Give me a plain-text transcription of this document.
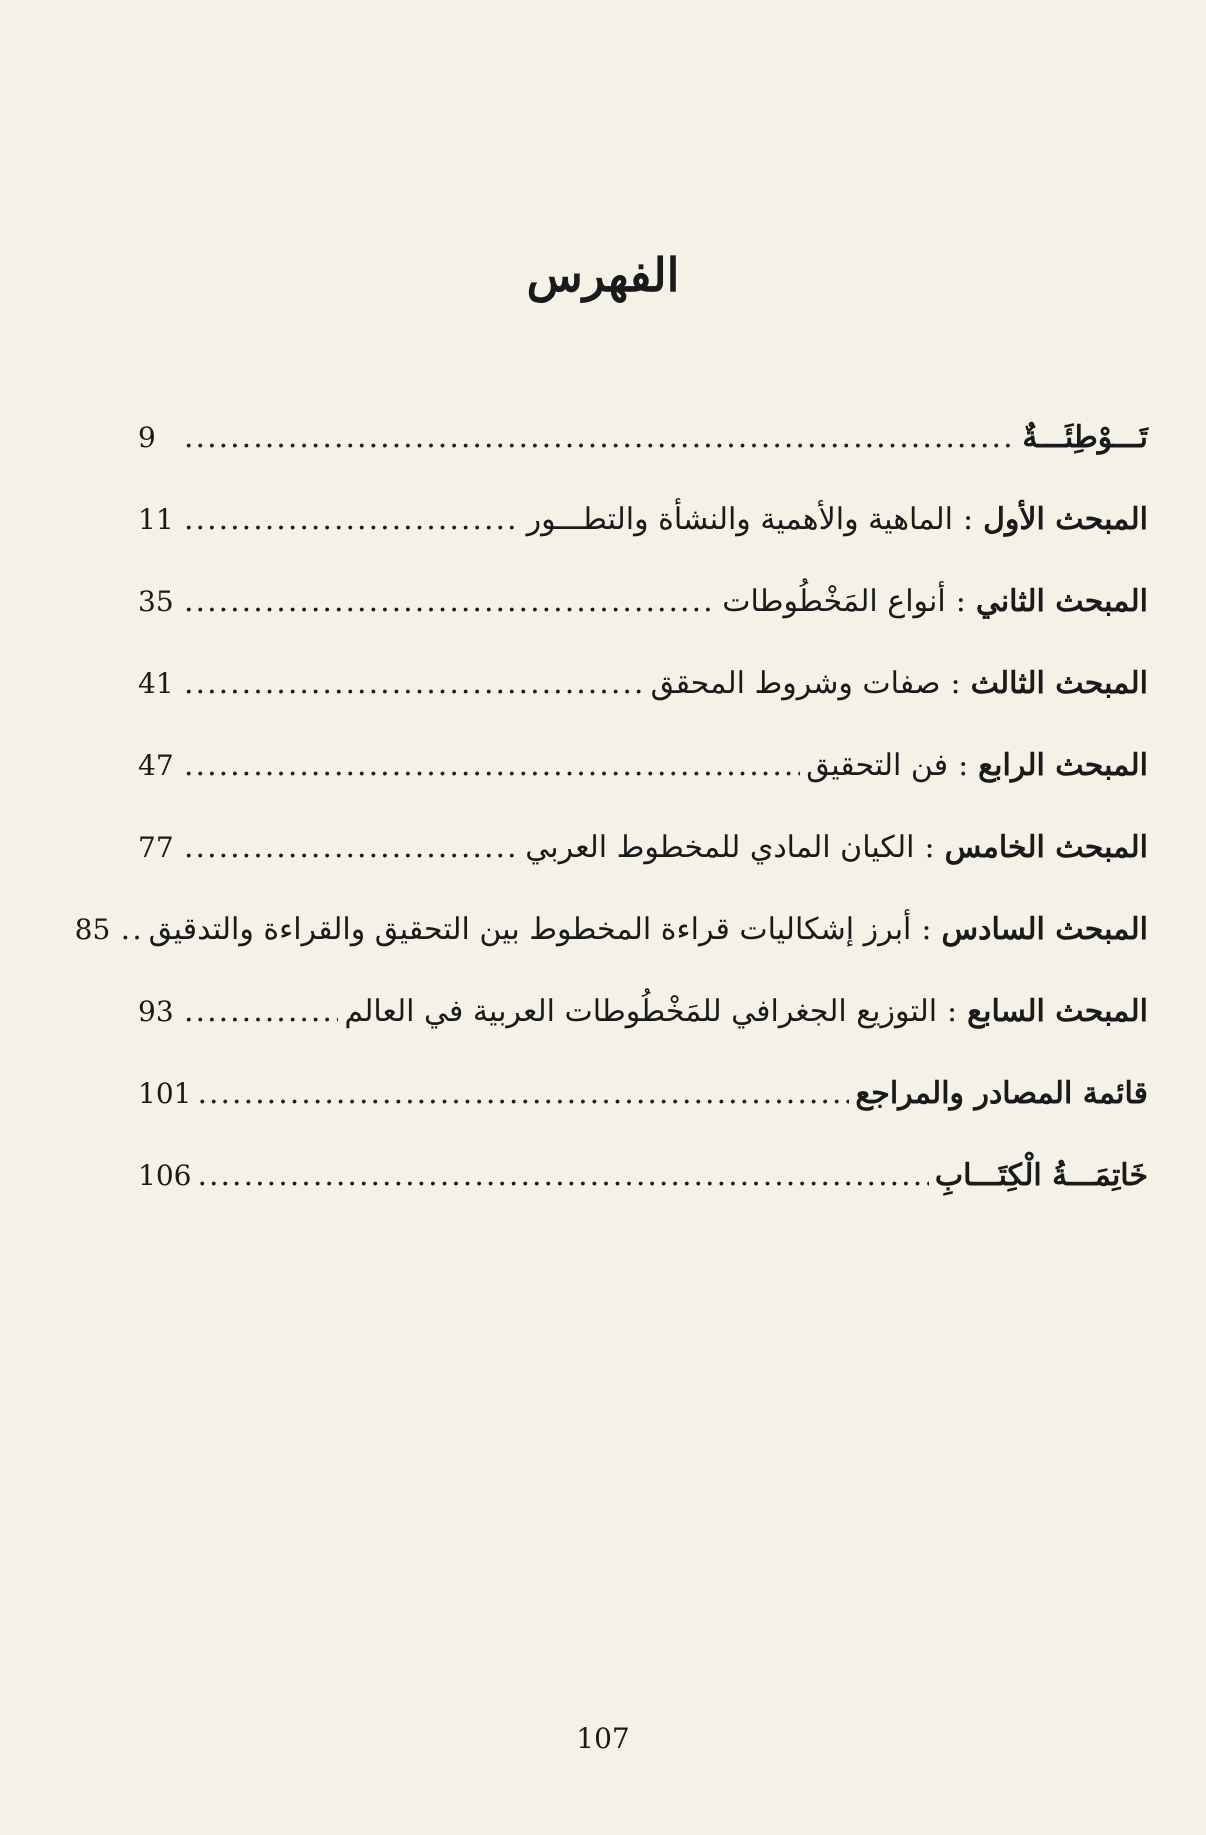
الفهرس
تَـــوْطِئَـــةٌ
.....
9
المبحث الأول:الماهية والأهمية والنشأة والتطـــور
.....
11
المبحث الثاني:أنواع المَخْطُوطات
.....
35
المبحث الثالث:صفات وشروط المحقق
.....
41
المبحث الرابع:فن التحقيق
.....
47
المبحث الخامس:الكيان المادي للمخطوط العربي
.....
77
المبحث السادس:أبرز إشكاليات قراءة المخطوط بين التحقيق والقراءة والتدقيق
.....
85
المبحث السابع:التوزيع الجغرافي للمَخْطُوطات العربية في العالم
.....
93
قائمة المصادر والمراجع
.....
101
خَاتِمَـــةُ الْكِتَـــابِ
.....
106
107
